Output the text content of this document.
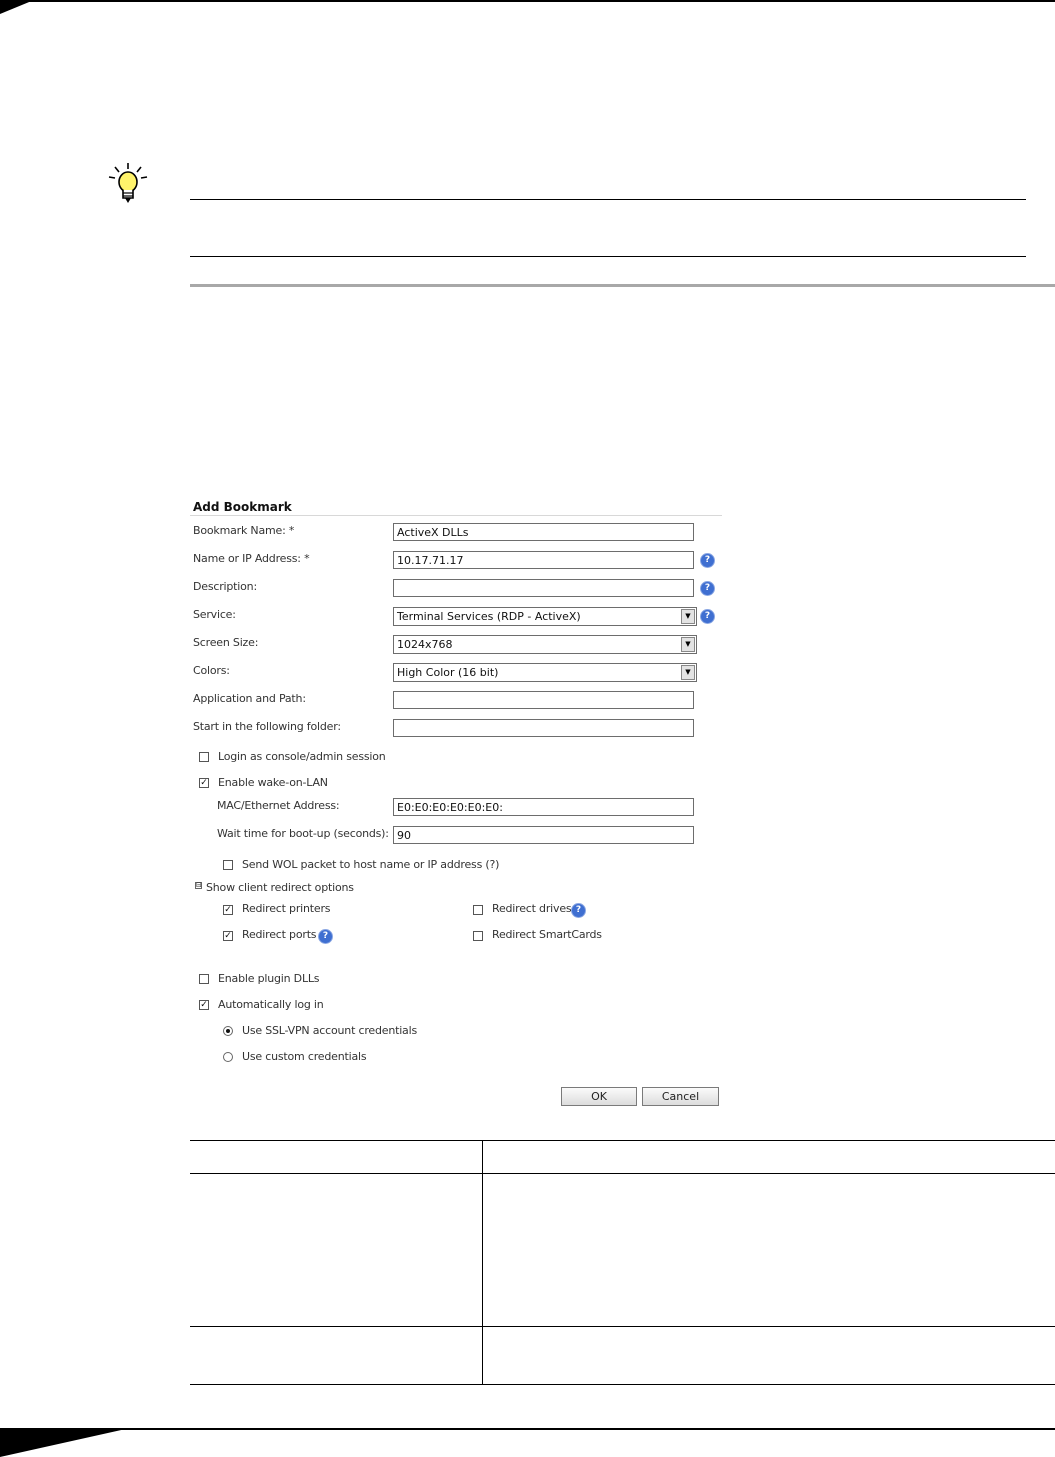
Add Bookmark
Bookmark Name: *	ActiveX DLLs
Name or IP Address: *	10.17.71.17	?
Description:	?
Service:	Terminal Services (RDP - ActiveX)	▼	?
Screen Size:	1024x768	▼
Colors:	High Color (16 bit)	▼
Application and Path:
Start in the following folder:
Login as console/admin session
✓ Enable wake-on-LAN
MAC/Ethernet Address:	E0:E0:E0:E0:E0:E0:
Wait time for boot-up (seconds): 90
Send WOL packet to host name or IP address (?)
⊟ Show client redirect options
✓ Redirect printers	Redirect drives ?
✓ Redirect ports ?	Redirect SmartCards
Enable plugin DLLs
✓ Automatically log in
Use SSL-VPN account credentials
Use custom credentials
OK	Cancel
